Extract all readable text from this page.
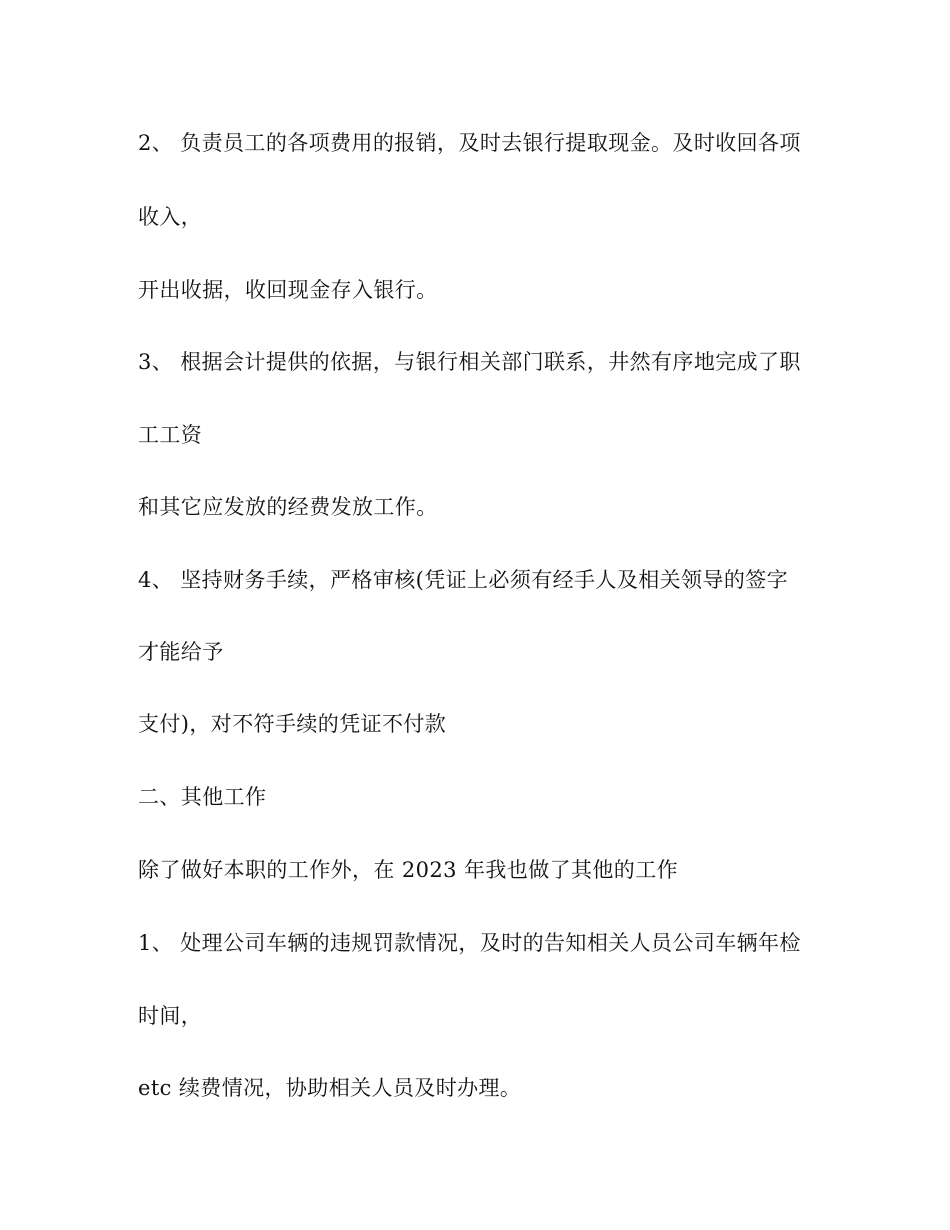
2、 负责员工的各项费用的报销，及时去银行提取现金。及时收回各项
收入，
开出收据，收回现金存入银行。
3、 根据会计提供的依据，与银行相关部门联系，井然有序地完成了职
工工资
和其它应发放的经费发放工作。
4、 坚持财务手续，严格审核(凭证上必须有经手人及相关领导的签字
才能给予
支付)，对不符手续的凭证不付款
二、其他工作
除了做好本职的工作外，在 2023 年我也做了其他的工作
1、 处理公司车辆的违规罚款情况，及时的告知相关人员公司车辆年检
时间，
etc 续费情况，协助相关人员及时办理。
